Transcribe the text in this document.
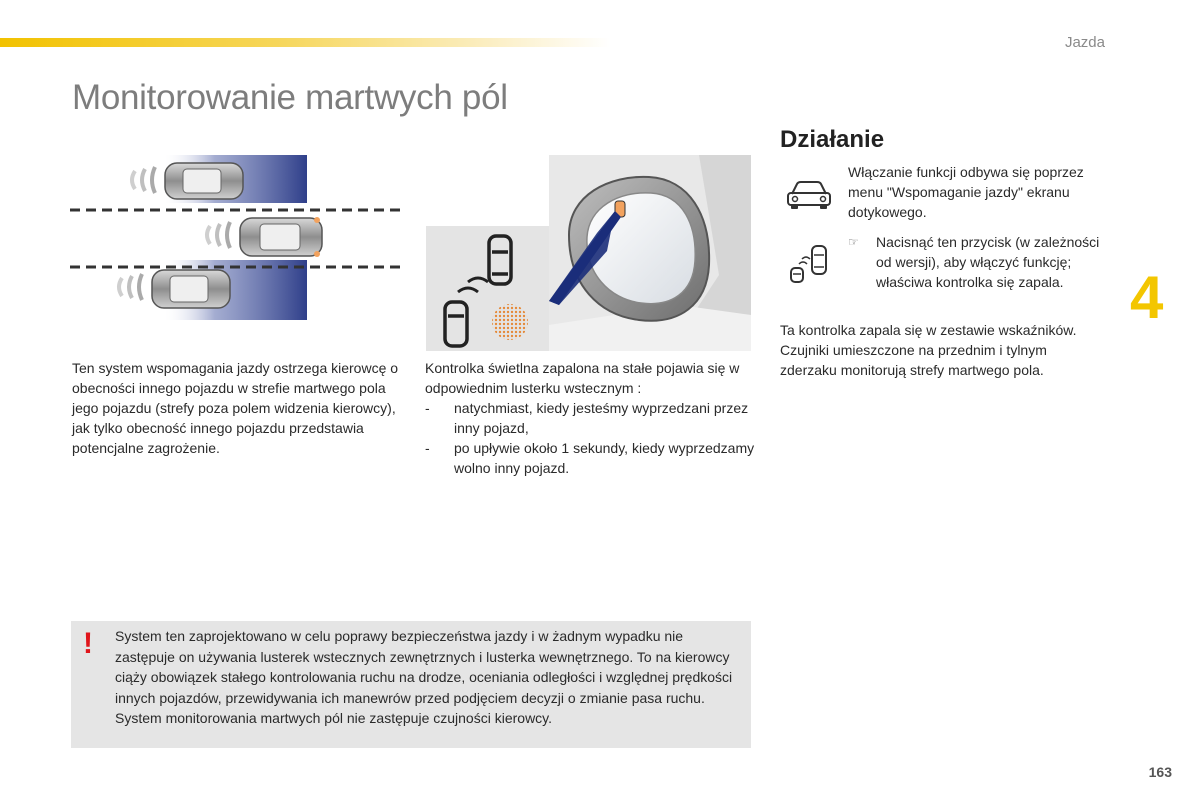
Jazda
Monitorowanie martwych pól
4
Ten system wspomagania jazdy ostrzega kierowcę o obecności innego pojazdu w strefie martwego pola jego pojazdu (strefy poza polem widzenia kierowcy), jak tylko obecność innego pojazdu przedstawia potencjalne zagrożenie.
Kontrolka świetlna zapalona na stałe pojawia się w odpowiednim lusterku wstecznym :
- natychmiast, kiedy jesteśmy wyprzedzani przez inny pojazd,
- po upływie około 1 sekundy, kiedy wyprzedzamy wolno inny pojazd.
Działanie
Włączanie funkcji odbywa się poprzez menu "Wspomaganie jazdy" ekranu dotykowego.
☞	Nacisnąć ten przycisk (w zależności od wersji), aby włączyć funkcję; właściwa kontrolka się zapala.
Ta kontrolka zapala się w zestawie wskaźników.
Czujniki umieszczone na przednim i tylnym zderzaku monitorują strefy martwego pola.
! System ten zaprojektowano w celu poprawy bezpieczeństwa jazdy i w żadnym wypadku nie zastępuje on używania lusterek wstecznych zewnętrznych i lusterka wewnętrznego. To na kierowcy ciąży obowiązek stałego kontrolowania ruchu na drodze, oceniania odległości i względnej prędkości innych pojazdów, przewidywania ich manewrów przed podjęciem decyzji o zmianie pasa ruchu.
System monitorowania martwych pól nie zastępuje czujności kierowcy.
163
